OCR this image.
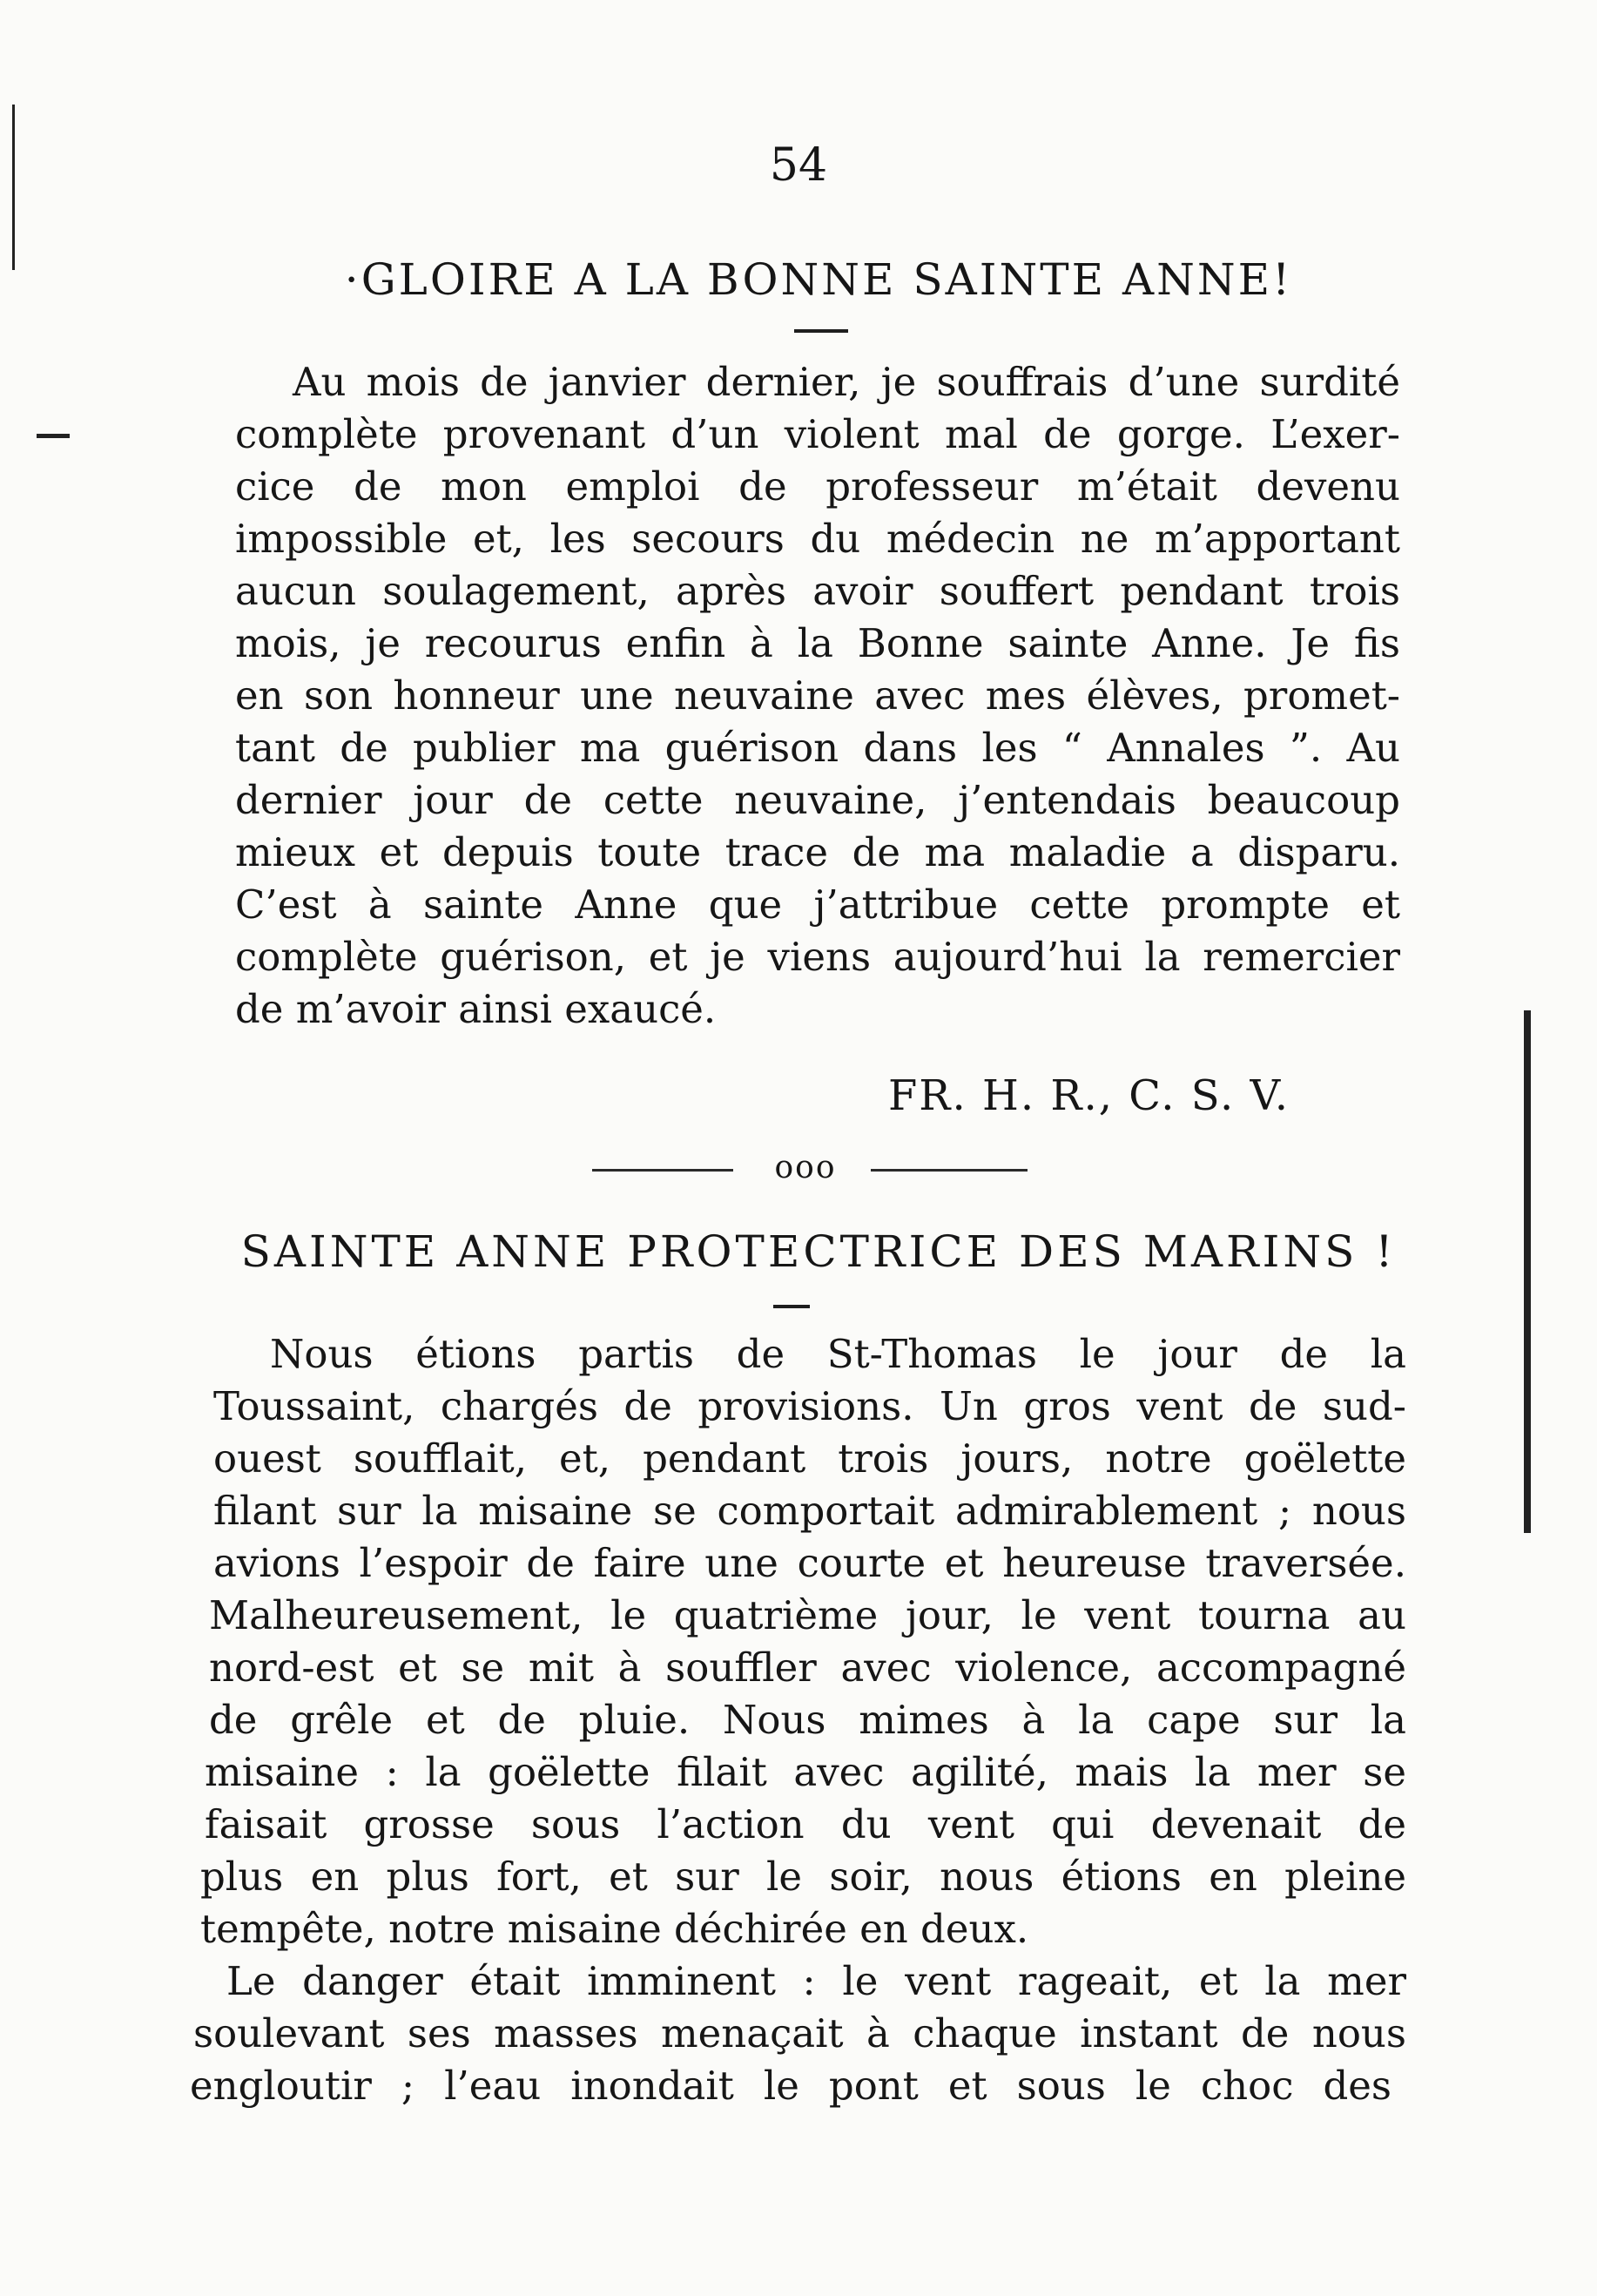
54
·GLOIRE A LA BONNE SAINTE ANNE!
Au mois de janvier dernier, je souffrais d’une surdité
complète provenant d’un violent mal de gorge. L’exer-
cice de mon emploi de professeur m’était devenu
impossible et, les secours du médecin ne m’apportant
aucun soulagement, après avoir souffert pendant trois
mois, je recourus enfin à la Bonne sainte Anne. Je fis
en son honneur une neuvaine avec mes élèves, promet-
tant de publier ma guérison dans les “ Annales ”. Au
dernier jour de cette neuvaine, j’entendais beaucoup
mieux et depuis toute trace de ma maladie a disparu.
C’est à sainte Anne que j’attribue cette prompte et
complète guérison, et je viens aujourd’hui la remercier
de m’avoir ainsi exaucé.
FR. H. R., C. S. V.
ooo
SAINTE ANNE PROTECTRICE DES MARINS !
Nous étions partis de St-Thomas le jour de la
Toussaint, chargés de provisions. Un gros vent de sud-
ouest soufflait, et, pendant trois jours, notre goëlette
filant sur la misaine se comportait admirablement ; nous
avions l’espoir de faire une courte et heureuse traversée.
Malheureusement, le quatrième jour, le vent tourna au
nord-est et se mit à souffler avec violence, accompagné
de grêle et de pluie. Nous mimes à la cape sur la
misaine : la goëlette filait avec agilité, mais la mer se
faisait grosse sous l’action du vent qui devenait de
plus en plus fort, et sur le soir, nous étions en pleine
tempête, notre misaine déchirée en deux.
Le danger était imminent : le vent rageait, et la mer
soulevant ses masses menaçait à chaque instant de nous
engloutir ; l’eau inondait le pont et sous le choc des
